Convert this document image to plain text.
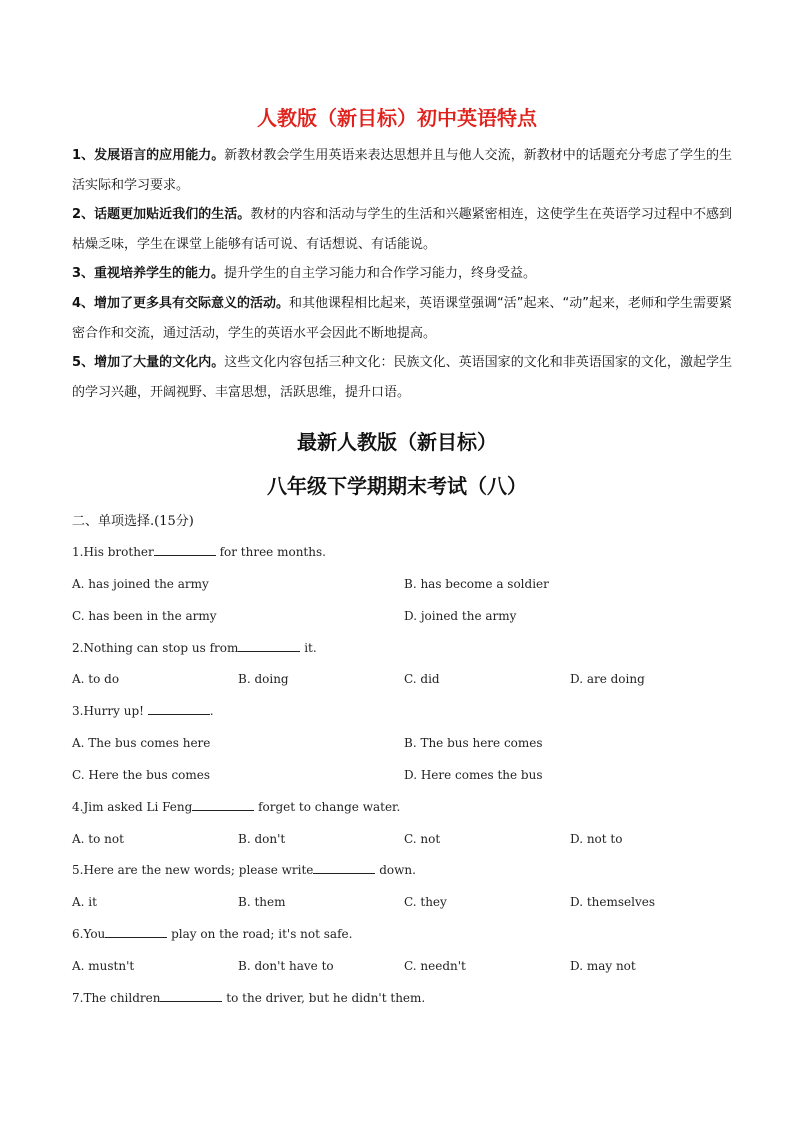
人教版（新目标）初中英语特点

1、发展语言的应用能力。新教材教会学生用英语来表达思想并且与他人交流，新教材中的话题充分考虑了学生的生活实际和学习要求。

2、话题更加贴近我们的生活。教材的内容和活动与学生的生活和兴趣紧密相连，这使学生在英语学习过程中不感到枯燥乏味，学生在课堂上能够有话可说、有话想说、有话能说。

3、重视培养学生的能力。提升学生的自主学习能力和合作学习能力，终身受益。

4、增加了更多具有交际意义的活动。和其他课程相比起来，英语课堂强调“活”起来、“动”起来，老师和学生需要紧密合作和交流，通过活动，学生的英语水平会因此不断地提高。

5、增加了大量的文化内。这些文化内容包括三种文化：民族文化、英语国家的文化和非英语国家的文化，激起学生的学习兴趣，开阔视野、丰富思想，活跃思维，提升口语。

最新人教版（新目标）
八年级下学期期末考试（八）
二、单项选择.(15分)
1.His brother	for three months.
A. has joined the army	B. has become a soldier
C. has been in the army	D. joined the army
2.Nothing can stop us from	it.
A. to do	B. doing	C. did	D. are doing
3.Hurry up!	.
A. The bus comes here	B. The bus here comes
C. Here the bus comes	D. Here comes the bus
4.Jim asked Li Feng	forget to change water.
A. to not	B. don't	C. not	D. not to
5.Here are the new words; please write	down.
A. it	B. them	C. they	D. themselves
6.You	play on the road; it's not safe.
A. mustn't	B. don't have to	C. needn't	D. may not
7.The children	to the driver, but he didn't them.
